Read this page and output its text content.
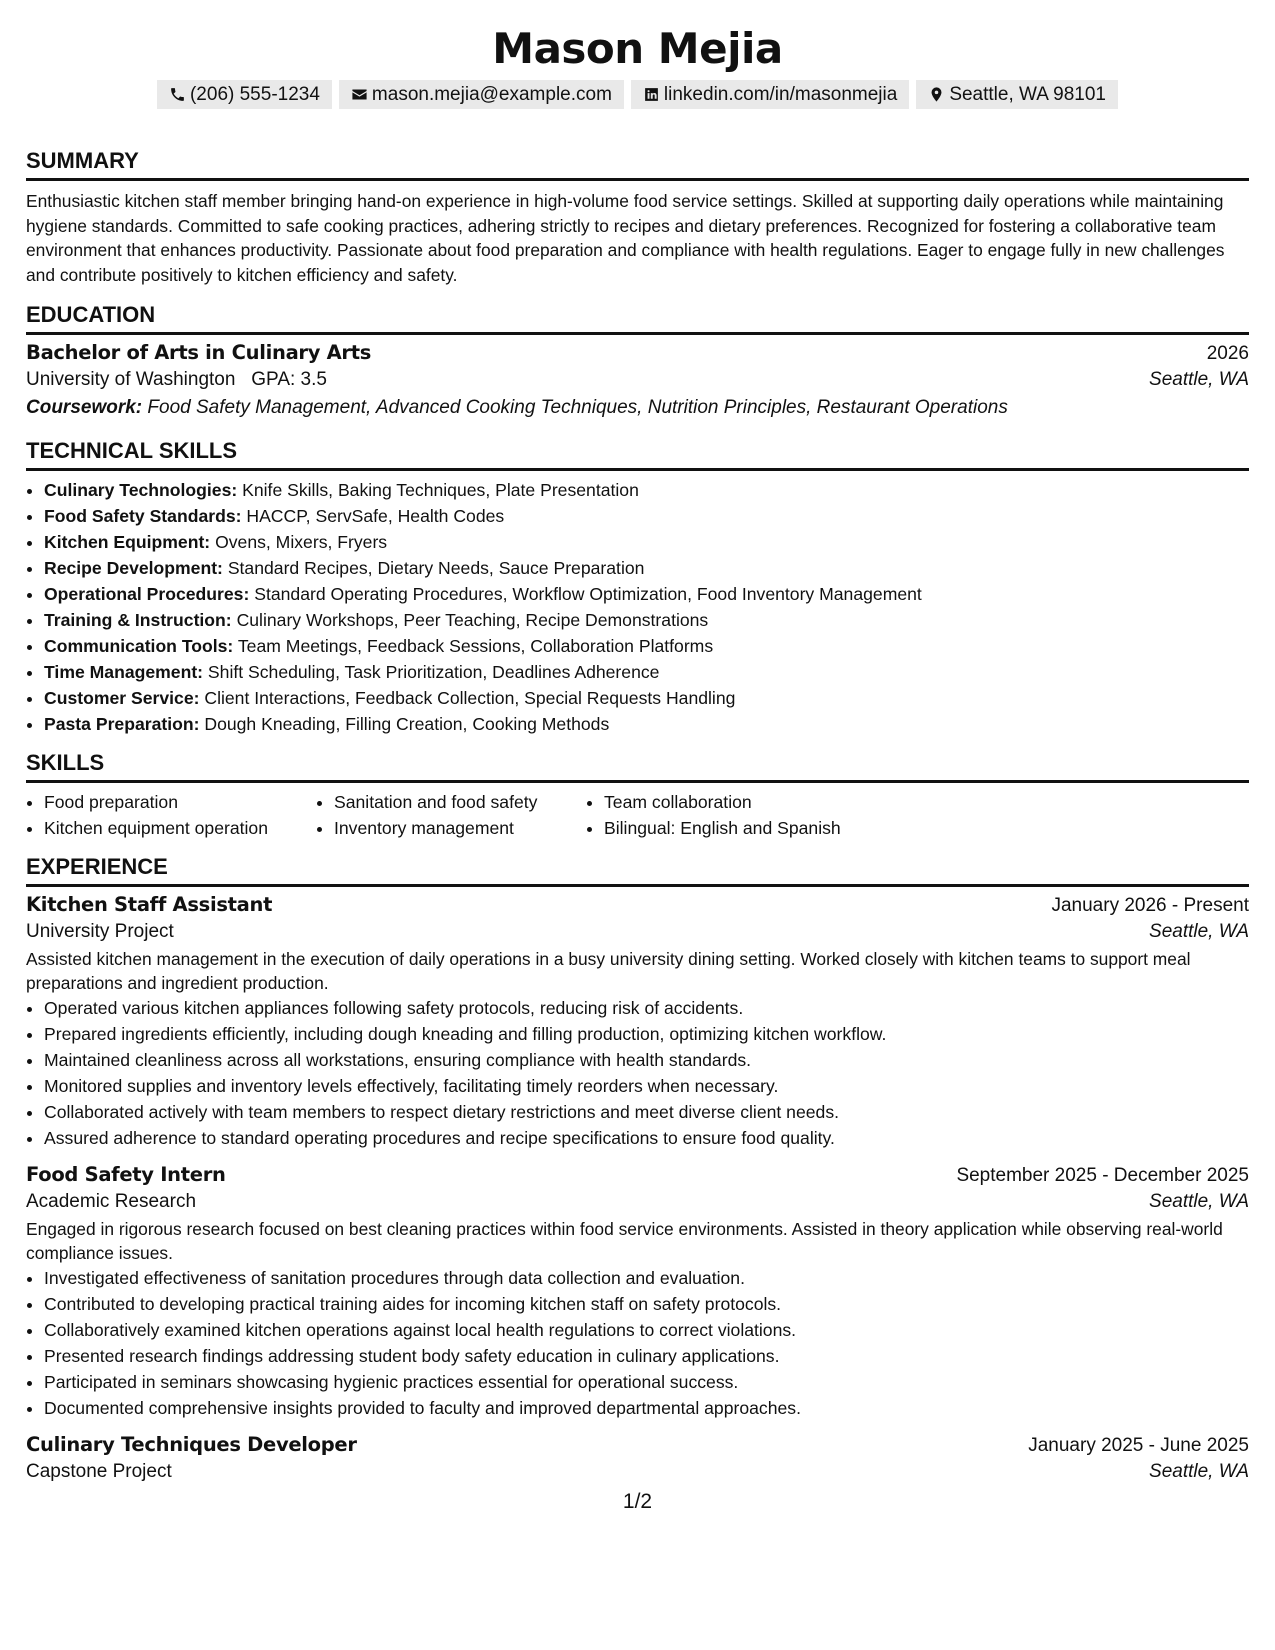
Mason Mejia
(206) 555-1234	mason.mejia@example.com	linkedin.com/in/masonmejia	Seattle, WA 98101
SUMMARY

Enthusiastic kitchen staff member bringing hand-on experience in high-volume food service settings. Skilled at supporting daily operations while maintaining hygiene standards. Committed to safe cooking practices, adhering strictly to recipes and dietary preferences. Recognized for fostering a collaborative team environment that enhances productivity. Passionate about food preparation and compliance with health regulations. Eager to engage fully in new challenges and contribute positively to kitchen efficiency and safety.

EDUCATION
Bachelor of Arts in Culinary Arts	2026
University of Washington GPA: 3.5	Seattle, WA
Coursework: Food Safety Management, Advanced Cooking Techniques, Nutrition Principles, Restaurant Operations
TECHNICAL SKILLS
• Culinary Technologies: Knife Skills, Baking Techniques, Plate Presentation
• Food Safety Standards: HACCP, ServSafe, Health Codes
• Kitchen Equipment: Ovens, Mixers, Fryers
• Recipe Development: Standard Recipes, Dietary Needs, Sauce Preparation
• Operational Procedures: Standard Operating Procedures, Workflow Optimization, Food Inventory Management
• Training & Instruction: Culinary Workshops, Peer Teaching, Recipe Demonstrations
• Communication Tools: Team Meetings, Feedback Sessions, Collaboration Platforms
• Time Management: Shift Scheduling, Task Prioritization, Deadlines Adherence
• Customer Service: Client Interactions, Feedback Collection, Special Requests Handling
• Pasta Preparation: Dough Kneading, Filling Creation, Cooking Methods
SKILLS
• Food preparation
• Kitchen equipment operation
• Sanitation and food safety
• Inventory management
• Team collaboration
• Bilingual: English and Spanish
EXPERIENCE
Kitchen Staff Assistant	January 2026 - Present
University Project	Seattle, WA

Assisted kitchen management in the execution of daily operations in a busy university dining setting. Worked closely with kitchen teams to support meal preparations and ingredient production.

• Operated various kitchen appliances following safety protocols, reducing risk of accidents.
• Prepared ingredients efficiently, including dough kneading and filling production, optimizing kitchen workflow.
• Maintained cleanliness across all workstations, ensuring compliance with health standards.
• Monitored supplies and inventory levels effectively, facilitating timely reorders when necessary.
• Collaborated actively with team members to respect dietary restrictions and meet diverse client needs.
• Assured adherence to standard operating procedures and recipe specifications to ensure food quality.
Food Safety Intern	September 2025 - December 2025
Academic Research	Seattle, WA

Engaged in rigorous research focused on best cleaning practices within food service environments. Assisted in theory application while observing real-world compliance issues.

• Investigated effectiveness of sanitation procedures through data collection and evaluation.
• Contributed to developing practical training aides for incoming kitchen staff on safety protocols.
• Collaboratively examined kitchen operations against local health regulations to correct violations.
• Presented research findings addressing student body safety education in culinary applications.
• Participated in seminars showcasing hygienic practices essential for operational success.
• Documented comprehensive insights provided to faculty and improved departmental approaches.
Culinary Techniques Developer	January 2025 - June 2025
Capstone Project	Seattle, WA
1/2
